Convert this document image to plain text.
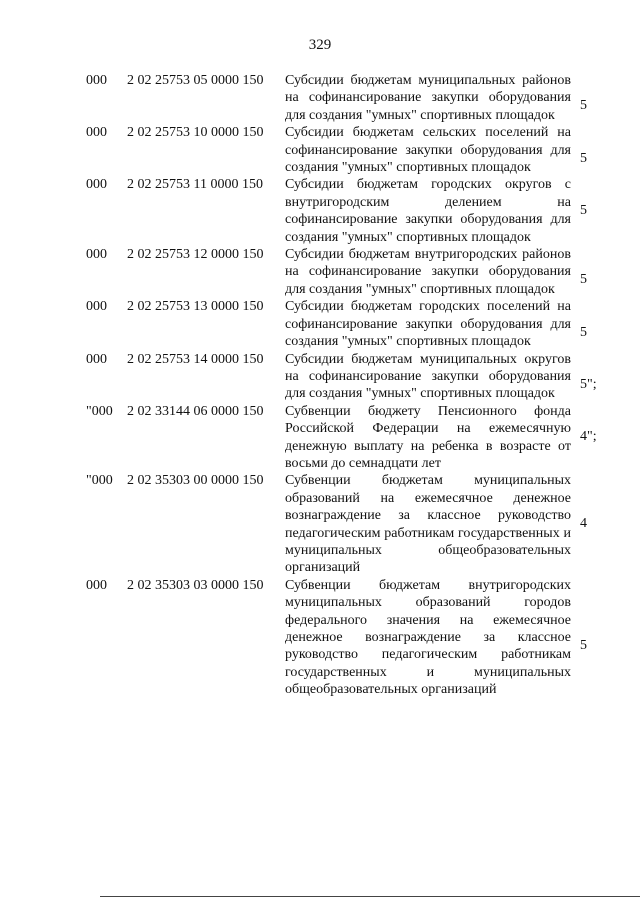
329
000 2 02 25753 05 0000 150 Субсидии бюджетам муниципальных районов на софинансирование закупки оборудования для создания "умных" спортивных площадок
5
000 2 02 25753 10 0000 150 Субсидии бюджетам сельских поселений на софинансирование закупки оборудования для создания "умных" спортивных площадок
5
000 2 02 25753 11 0000 150 Субсидии бюджетам городских округов с внутригородским делением на софинансирование закупки оборудования для создания "умных" спортивных площадок
5
000 2 02 25753 12 0000 150 Субсидии бюджетам внутригородских районов на софинансирование закупки оборудования для создания "умных" спортивных площадок
5
000 2 02 25753 13 0000 150 Субсидии бюджетам городских поселений на софинансирование закупки оборудования для создания "умных" спортивных площадок
5
000 2 02 25753 14 0000 150 Субсидии бюджетам муниципальных округов на софинансирование закупки оборудования для создания "умных" спортивных площадок
5";
"000 2 02 33144 06 0000 150 Субвенции бюджету Пенсионного фонда Российской Федерации на ежемесячную денежную выплату на ребенка в возрасте от восьми до семнадцати лет
4";
"000 2 02 35303 00 0000 150 Субвенции бюджетам муниципальных образований на ежемесячное денежное вознаграждение за классное руководство педагогическим работникам государственных и муниципальных общеобразовательных организаций
4
000 2 02 35303 03 0000 150 Субвенции бюджетам внутригородских муниципальных образований городов федерального значения на ежемесячное денежное вознаграждение за классное руководство педагогическим работникам государственных и муниципальных общеобразовательных организаций
5
